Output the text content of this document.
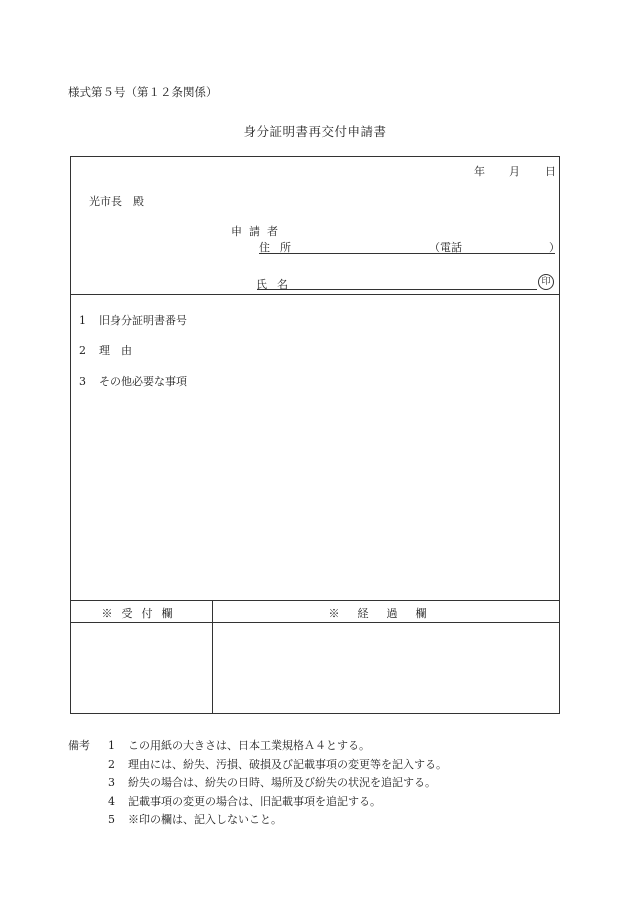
様式第５号（第１２条関係）
身分証明書再交付申請書
年 月 日
光市長　殿
申請者
住所	（電話	）
氏名	印
1 旧身分証明書番号
2 理　由
3 その他必要な事項
※受付欄	※経過欄
備考 1 この用紙の大きさは、日本工業規格Ａ４とする。
2 理由には、紛失、汚損、破損及び記載事項の変更等を記入する。
3 紛失の場合は、紛失の日時、場所及び紛失の状況を追記する。
4 記載事項の変更の場合は、旧記載事項を追記する。
5 ※印の欄は、記入しないこと。
